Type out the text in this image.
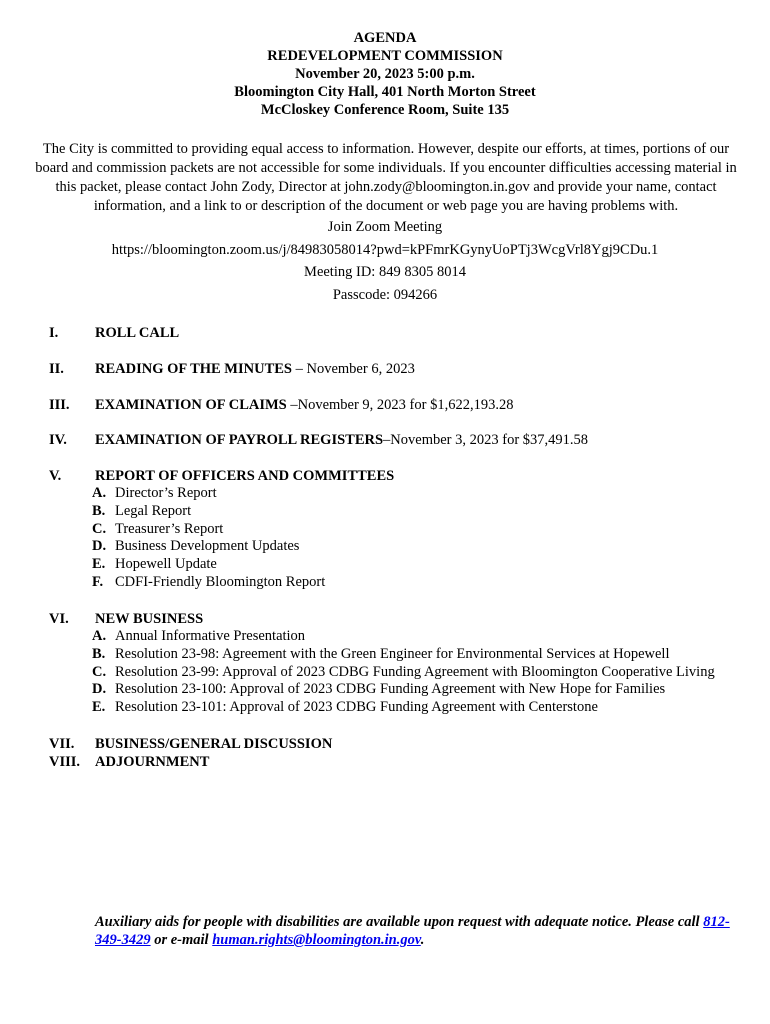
AGENDA
REDEVELOPMENT COMMISSION
November 20, 2023 5:00 p.m.
Bloomington City Hall, 401 North Morton Street
McCloskey Conference Room, Suite 135
The City is committed to providing equal access to information. However, despite our efforts, at times, portions of our board and commission packets are not accessible for some individuals. If you encounter difficulties accessing material in this packet, please contact John Zody, Director at john.zody@bloomington.in.gov and provide your name, contact information, and a link to or description of the document or web page you are having problems with.
Join Zoom Meeting
https://bloomington.zoom.us/j/84983058014?pwd=kPFmrKGynyUoPTj3WcgVrl8Ygj9CDu.1
Meeting ID: 849 8305 8014
Passcode: 094266
I.	ROLL CALL
II. READING OF THE MINUTES – November 6, 2023
III. EXAMINATION OF CLAIMS –November 9, 2023 for $1,622,193.28
IV. EXAMINATION OF PAYROLL REGISTERS–November 3, 2023 for $37,491.58
V. REPORT OF OFFICERS AND COMMITTEES
A. Director’s Report
B. Legal Report
C. Treasurer’s Report
D. Business Development Updates
E. Hopewell Update
F. CDFI-Friendly Bloomington Report
VI. NEW BUSINESS
A. Annual Informative Presentation
B. Resolution 23-98: Agreement with the Green Engineer for Environmental Services at Hopewell
C. Resolution 23-99: Approval of 2023 CDBG Funding Agreement with Bloomington Cooperative Living
D. Resolution 23-100: Approval of 2023 CDBG Funding Agreement with New Hope for Families
E. Resolution 23-101: Approval of 2023 CDBG Funding Agreement with Centerstone
VII. BUSINESS/GENERAL DISCUSSION
VIII. ADJOURNMENT
Auxiliary aids for people with disabilities are available upon request with adequate notice. Please call 812-349-3429 or e-mail human.rights@bloomington.in.gov.
